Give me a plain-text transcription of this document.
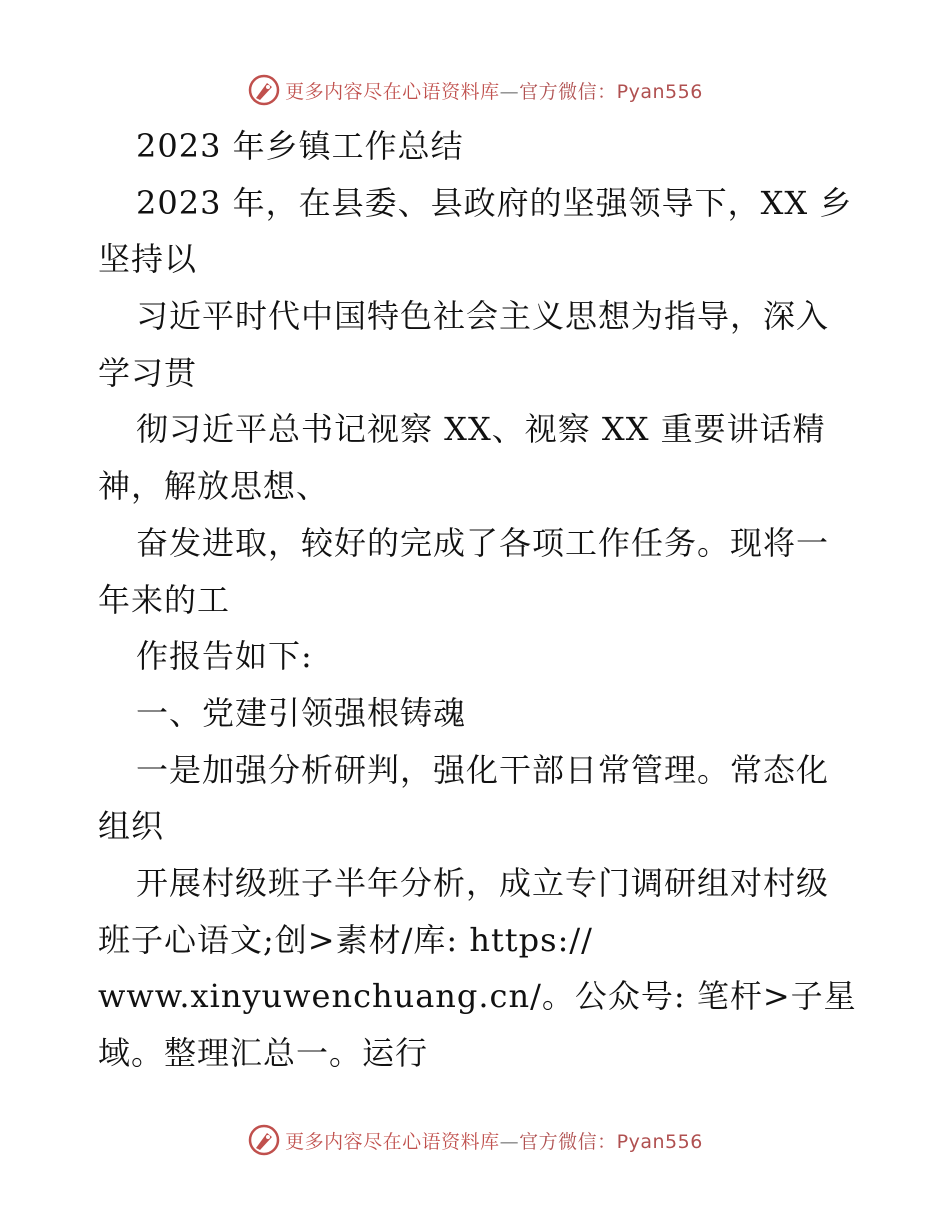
更多内容尽在心语资料库—官方微信：Pyan556
2023 年乡镇工作总结
2023 年，在县委、县政府的坚强领导下，XX 乡
坚持以
习近平时代中国特色社会主义思想为指导，深入
学习贯
彻习近平总书记视察 XX、视察 XX 重要讲话精
神，解放思想、
奋发进取，较好的完成了各项工作任务。现将一
年来的工
作报告如下:
一、党建引领强根铸魂
一是加强分析研判，强化干部日常管理。常态化
组织
开展村级班子半年分析，成立专门调研组对村级
班子心语文;创>素材/库: https://
www.xinyuwenchuang.cn/。公众号: 笔杆>子星
域。整理汇总一。运行
更多内容尽在心语资料库—官方微信：Pyan556
